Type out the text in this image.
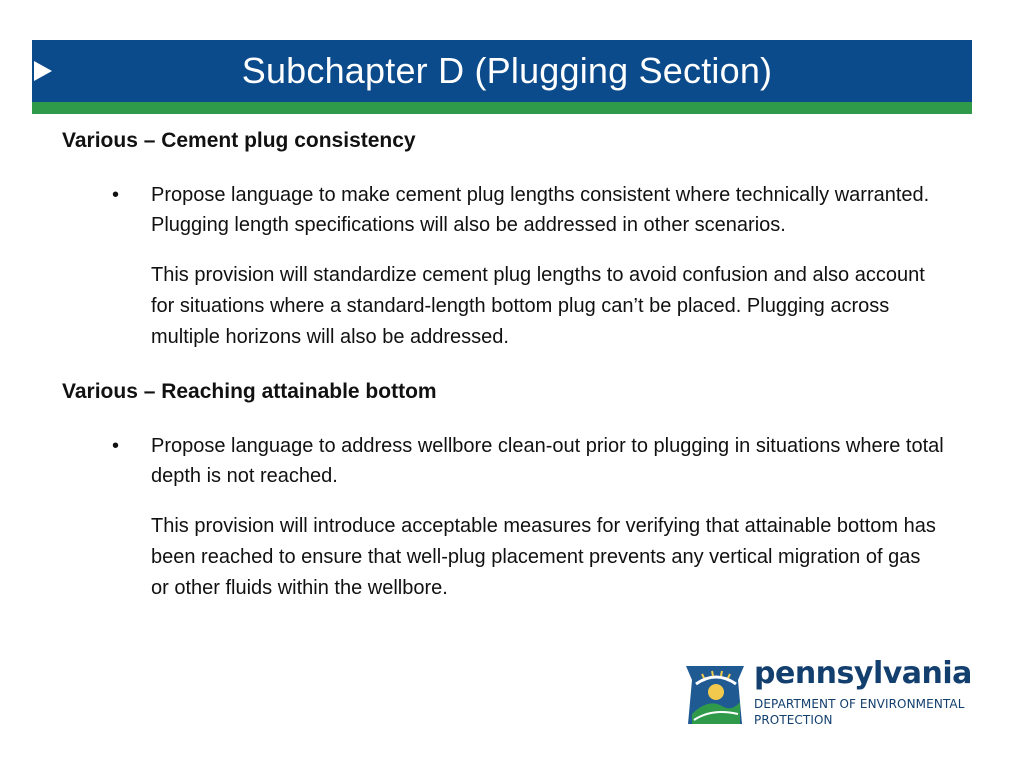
Subchapter D (Plugging Section)

Various – Cement plug consistency

• Propose language to make cement plug lengths consistent where technically warranted. Plugging length specifications will also be addressed in other scenarios.

This provision will standardize cement plug lengths to avoid confusion and also account for situations where a standard-length bottom plug can’t be placed. Plugging across multiple horizons will also be addressed.

Various – Reaching attainable bottom

• Propose language to address wellbore clean-out prior to plugging in situations where total depth is not reached.

This provision will introduce acceptable measures for verifying that attainable bottom has been reached to ensure that well-plug placement prevents any vertical migration of gas or other fluids within the wellbore.

pennsylvania
DEPARTMENT OF ENVIRONMENTAL
PROTECTION
